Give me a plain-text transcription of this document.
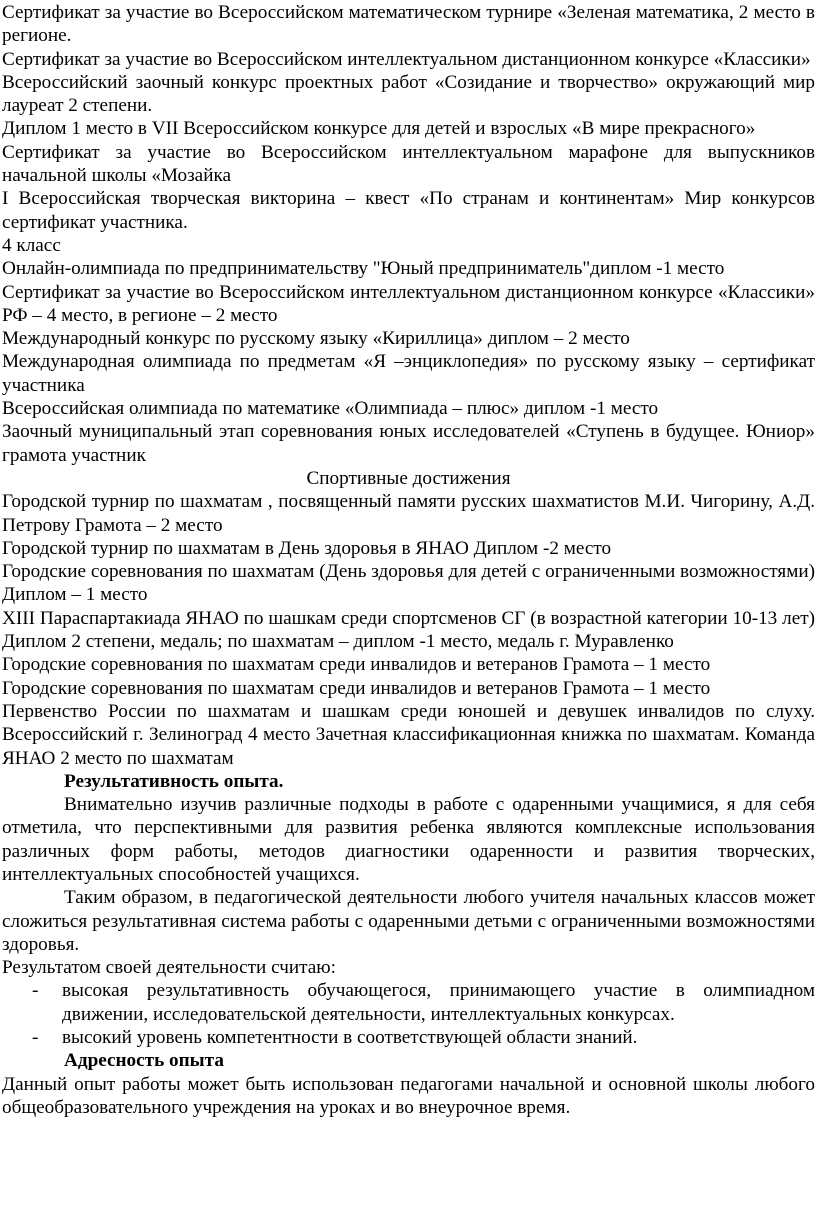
Сертификат за участие во Всероссийском математическом турнире «Зеленая математика, 2 место в регионе.

Сертификат за участие во Всероссийском интеллектуальном дистанционном конкурсе «Классики»

Всероссийский заочный конкурс проектных работ «Созидание и творчество» окружающий мир лауреат 2 степени.

Диплом 1 место в VII Всероссийском конкурсе для детей и взрослых «В мире прекрасного»

Сертификат за участие во Всероссийском интеллектуальном марафоне для выпускников начальной школы «Мозайка

I Всероссийская творческая викторина – квест «По странам и континентам» Мир конкурсов сертификат участника.

4 класс

Онлайн-олимпиада по предпринимательству "Юный предприниматель"диплом -1 место

Сертификат за участие во Всероссийском интеллектуальном дистанционном конкурсе «Классики» РФ – 4 место, в регионе – 2 место

Международный конкурс по русскому языку «Кириллица» диплом – 2 место

Международная олимпиада по предметам «Я –энциклопедия» по русскому языку – сертификат участника

Всероссийская олимпиада по математике «Олимпиада – плюс» диплом -1 место

Заочный муниципальный этап соревнования юных исследователей «Ступень в будущее. Юниор» грамота участник

Спортивные достижения

Городской турнир по шахматам , посвященный памяти русских шахматистов М.И. Чигорину, А.Д. Петрову Грамота – 2 место

Городской турнир по шахматам в День здоровья в ЯНАО Диплом -2 место

Городские соревнования по шахматам (День здоровья для детей с ограниченными возможностями) Диплом – 1 место

XIII Параспартакиада ЯНАО по шашкам среди спортсменов СГ (в возрастной категории 10-13 лет) Диплом 2 степени, медаль; по шахматам – диплом -1 место, медаль г. Муравленко

Городские соревнования по шахматам среди инвалидов и ветеранов Грамота – 1 место

Городские соревнования по шахматам среди инвалидов и ветеранов Грамота – 1 место

Первенство России по шахматам и шашкам среди юношей и девушек инвалидов по слуху. Всероссийский г. Зелиноград 4 место Зачетная классификационная книжка по шахматам. Команда ЯНАО 2 место по шахматам

Результативность опыта.

Внимательно изучив различные подходы в работе с одаренными учащимися, я для себя отметила, что перспективными для развития ребенка являются комплексные использования различных форм работы, методов диагностики одаренности и развития творческих, интеллектуальных способностей учащихся.

Таким образом, в педагогической деятельности любого учителя начальных классов может сложиться результативная система работы с одаренными детьми с ограниченными возможностями здоровья.

Результатом своей деятельности считаю:

- высокая результативность обучающегося, принимающего участие в олимпиадном движении, исследовательской деятельности, интеллектуальных конкурсах.
- высокий уровень компетентности в соответствующей области знаний.

Адресность опыта

Данный опыт работы может быть использован педагогами начальной и основной школы любого общеобразовательного учреждения на уроках и во внеурочное время.
